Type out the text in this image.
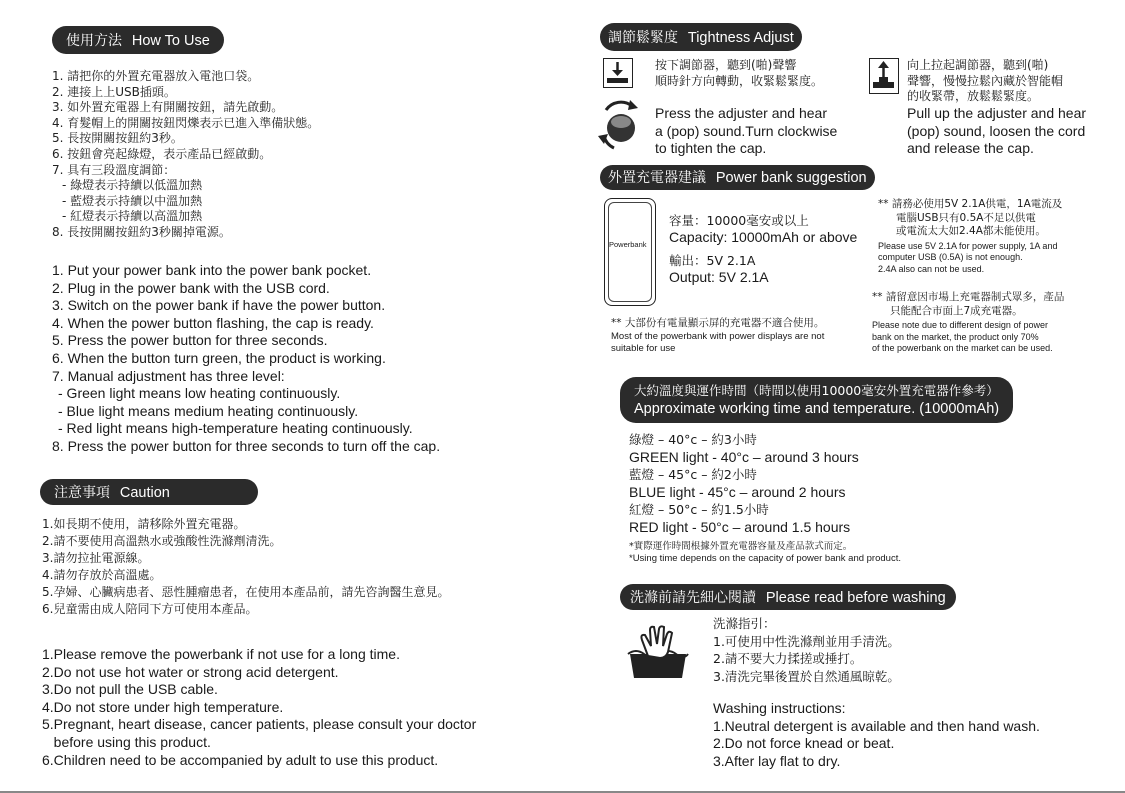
使用方法 How To Use
1. 請把你的外置充電器放入電池口袋。
2. 連接上上USB插頭。
3. 如外置充電器上有開關按鈕，請先啟動。
4. 育髮帽上的開關按鈕閃爍表示已進入準備狀態。
5. 長按開關按鈕約3秒。
6. 按鈕會亮起綠燈，表示產品已經啟動。
7. 具有三段溫度調節：
- 綠燈表示持續以低溫加熱
- 藍燈表示持續以中溫加熱
- 紅燈表示持續以高溫加熱
8. 長按開關按鈕約3秒關掉電源。
1. Put your power bank into the power bank pocket.
2. Plug in the power bank with the USB cord.
3. Switch on the power bank if have the power button.
4. When the power button flashing, the cap is ready.
5. Press the power button for three seconds.
6. When the button turn green, the product is working.
7. Manual adjustment has three level:
- Green light means low heating continuously.
- Blue light means medium heating continuously.
- Red light means high-temperature heating continuously.
8. Press the power button for three seconds to turn off the cap.
注意事項 Caution
1.如長期不使用，請移除外置充電器。
2.請不要使用高溫熱水或強酸性洗滌劑清洗。
3.請勿拉扯電源線。
4.請勿存放於高溫處。
5.孕婦、心臟病患者、惡性腫瘤患者，在使用本產品前，請先咨詢醫生意見。
6.兒童需由成人陪同下方可使用本產品。
1.Please remove the powerbank if not use for a long time.
2.Do not use hot water or strong acid detergent.
3.Do not pull the USB cable.
4.Do not store under high temperature.
5.Pregnant, heart disease, cancer patients, please consult your doctor
before using this product.
6.Children need to be accompanied by adult to use this product.
調節鬆緊度 Tightness Adjust
按下調節器，聽到(啪)聲響
順時針方向轉動，收緊鬆緊度。
Press the adjuster and hear
a (pop) sound.Turn clockwise
to tighten the cap.
向上拉起調節器，聽到(啪)
聲響，慢慢拉鬆內藏於智能帽
的收緊帶，放鬆鬆緊度。
Pull up the adjuster and hear
(pop) sound, loosen the cord
and release the cap.
外置充電器建議 Power bank suggestion
Powerbank
容量：10000毫安或以上
Capacity: 10000mAh or above
輸出：5V 2.1A
Output: 5V 2.1A
** 大部份有電量顯示屏的充電器不適合使用。
Most of the powerbank with power displays are not
suitable for use
** 請務必使用5V 2.1A供電，1A電流及
電腦USB只有0.5A不足以供電
或電流太大如2.4A都未能使用。
Please use 5V 2.1A for power supply, 1A and
computer USB (0.5A) is not enough.
2.4A also can not be used.
** 請留意因市場上充電器制式眾多，產品
只能配合市面上7成充電器。
Please note due to different design of power
bank on the market, the product only 70%
of the powerbank on the market can be used.
大約溫度與運作時間（時間以使用10000毫安外置充電器作參考）
Approximate working time and temperature. (10000mAh)
綠燈 – 40°c – 約3小時
GREEN light - 40°c – around 3 hours
藍燈 – 45°c – 約2小時
BLUE light - 45°c – around 2 hours
紅燈 – 50°c – 約1.5小時
RED light - 50°c – around 1.5 hours
*實際運作時間根據外置充電器容量及產品款式而定。
*Using time depends on the capacity of power bank and product.
洗滌前請先細心閱讀 Please read before washing
洗滌指引：
1.可使用中性洗滌劑並用手清洗。
2.請不要大力揉搓或捶打。
3.清洗完畢後置於自然通風晾乾。
Washing instructions:
1.Neutral detergent is available and then hand wash.
2.Do not force knead or beat.
3.After lay flat to dry.
